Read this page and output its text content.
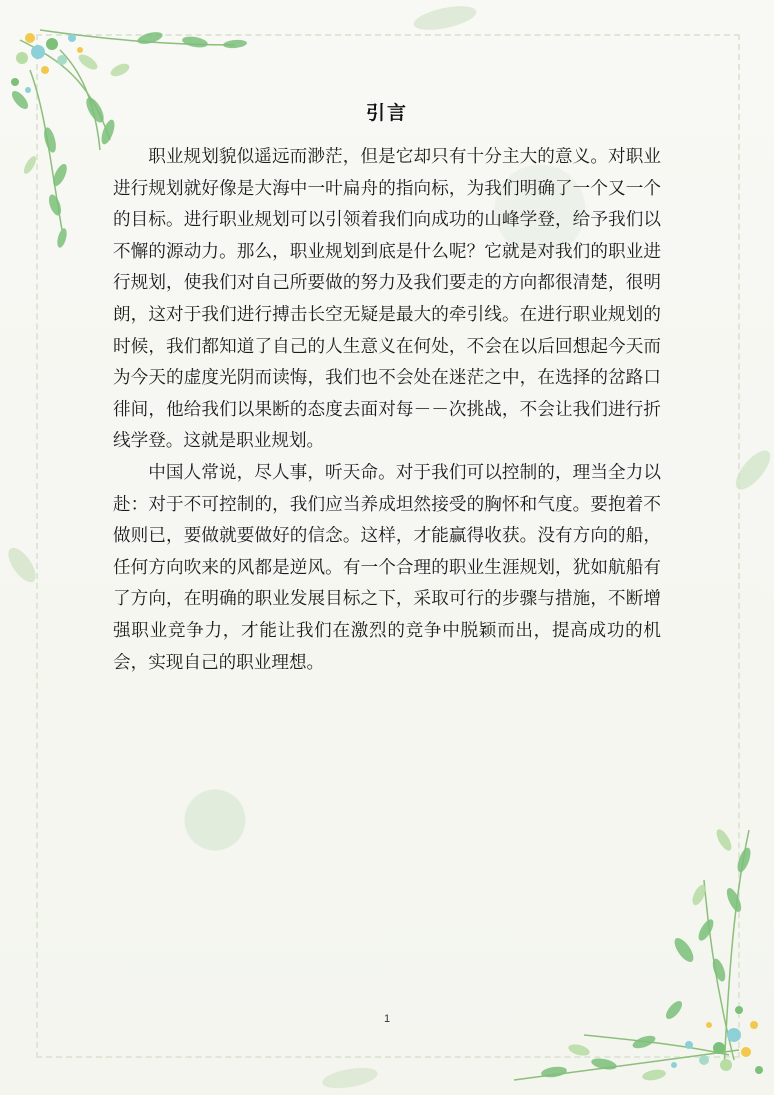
引言

职业规划貌似遥远而渺茫，但是它却只有十分主大的意义。对职业进行规划就好像是大海中一叶扁舟的指向标，为我们明确了一个又一个的目标。进行职业规划可以引领着我们向成功的山峰学登，给予我们以不懈的源动力。那么，职业规划到底是什么呢？它就是对我们的职业进行规划，使我们对自己所要做的努力及我们要走的方向都很清楚，很明朗，这对于我们进行搏击长空无疑是最大的牵引线。在进行职业规划的时候，我们都知道了自己的人生意义在何处，不会在以后回想起今天而为今天的虚度光阴而读悔，我们也不会处在迷茫之中，在选择的岔路口徘间，他给我们以果断的态度去面对每－－次挑战，不会让我们进行折线学登。这就是职业规划。

中国人常说，尽人事，听天命。对于我们可以控制的，理当全力以赴：对于不可控制的，我们应当养成坦然接受的胸怀和气度。要抱着不做则已，要做就要做好的信念。这样，才能赢得收获。没有方向的船，任何方向吹来的风都是逆风。有一个合理的职业生涯规划，犹如航船有了方向，在明确的职业发展目标之下，采取可行的步骤与措施，不断增强职业竞争力，才能让我们在激烈的竞争中脱颖而出，提高成功的机会，实现自己的职业理想。

1
